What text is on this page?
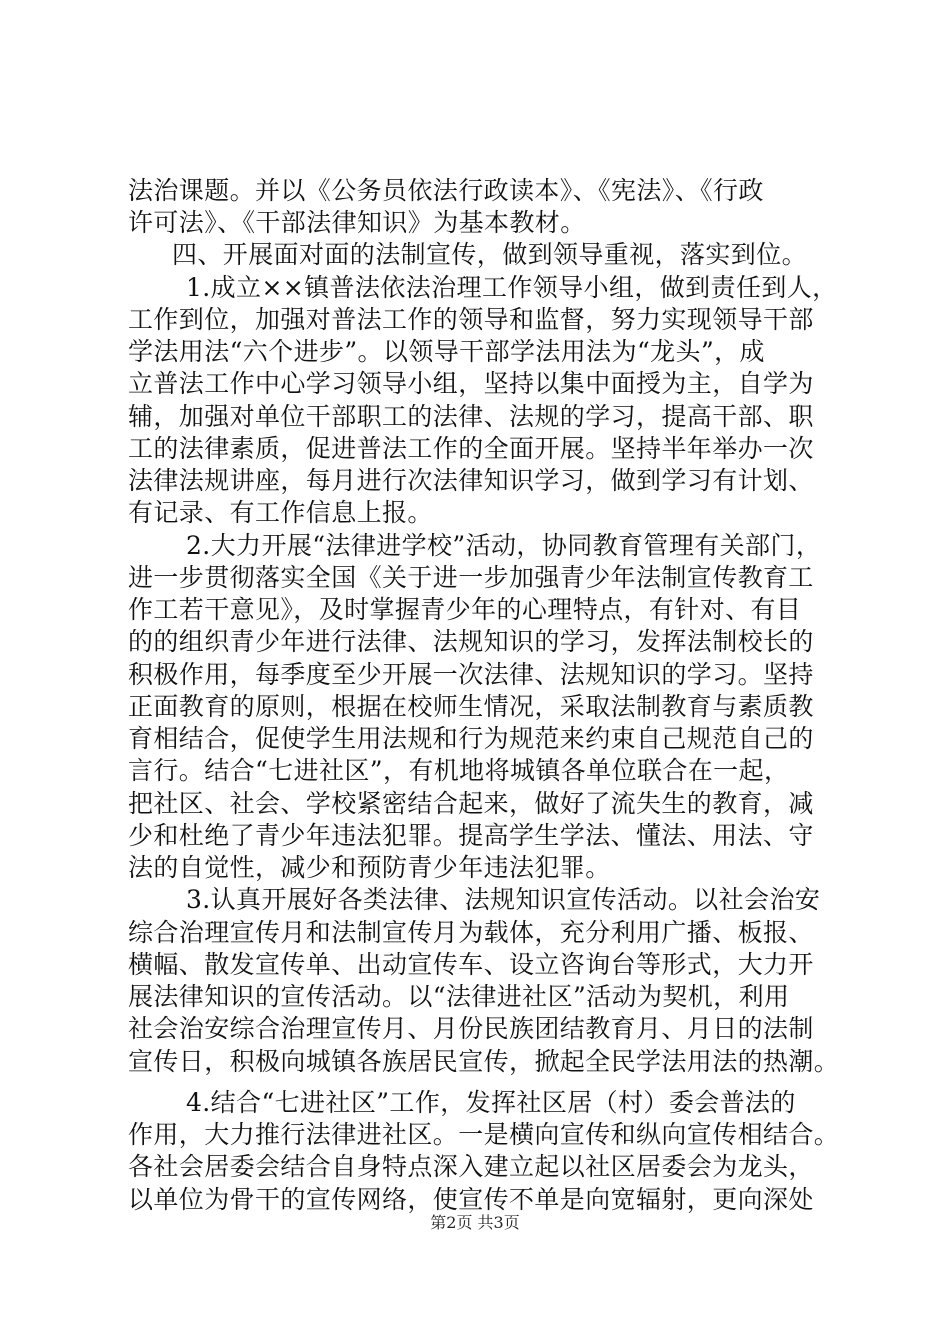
法治课题。并以《公务员依法行政读本》、《宪法》、《行政
许可法》、《干部法律知识》为基本教材。
四、开展面对面的法制宣传，做到领导重视，落实到位。
1.成立××镇普法依法治理工作领导小组，做到责任到人，
工作到位，加强对普法工作的领导和监督，努力实现领导干部
学法用法“六个进步”。以领导干部学法用法为“龙头”，成
立普法工作中心学习领导小组，坚持以集中面授为主，自学为
辅，加强对单位干部职工的法律、法规的学习，提高干部、职
工的法律素质，促进普法工作的全面开展。坚持半年举办一次
法律法规讲座，每月进行次法律知识学习，做到学习有计划、
有记录、有工作信息上报。
2.大力开展“法律进学校”活动，协同教育管理有关部门，
进一步贯彻落实全国《关于进一步加强青少年法制宣传教育工
作工若干意见》，及时掌握青少年的心理特点，有针对、有目
的的组织青少年进行法律、法规知识的学习，发挥法制校长的
积极作用，每季度至少开展一次法律、法规知识的学习。坚持
正面教育的原则，根据在校师生情况，采取法制教育与素质教
育相结合，促使学生用法规和行为规范来约束自己规范自己的
言行。结合“七进社区”，有机地将城镇各单位联合在一起，
把社区、社会、学校紧密结合起来，做好了流失生的教育，减
少和杜绝了青少年违法犯罪。提高学生学法、懂法、用法、守
法的自觉性，减少和预防青少年违法犯罪。
3.认真开展好各类法律、法规知识宣传活动。以社会治安
综合治理宣传月和法制宣传月为载体，充分利用广播、板报、
横幅、散发宣传单、出动宣传车、设立咨询台等形式，大力开
展法律知识的宣传活动。以“法律进社区”活动为契机，利用
社会治安综合治理宣传月、月份民族团结教育月、月日的法制
宣传日，积极向城镇各族居民宣传，掀起全民学法用法的热潮。
4.结合“七进社区”工作，发挥社区居（村）委会普法的
作用，大力推行法律进社区。一是横向宣传和纵向宣传相结合。
各社会居委会结合自身特点深入建立起以社区居委会为龙头，
以单位为骨干的宣传网络，使宣传不单是向宽辐射，更向深处
第2页 共3页
